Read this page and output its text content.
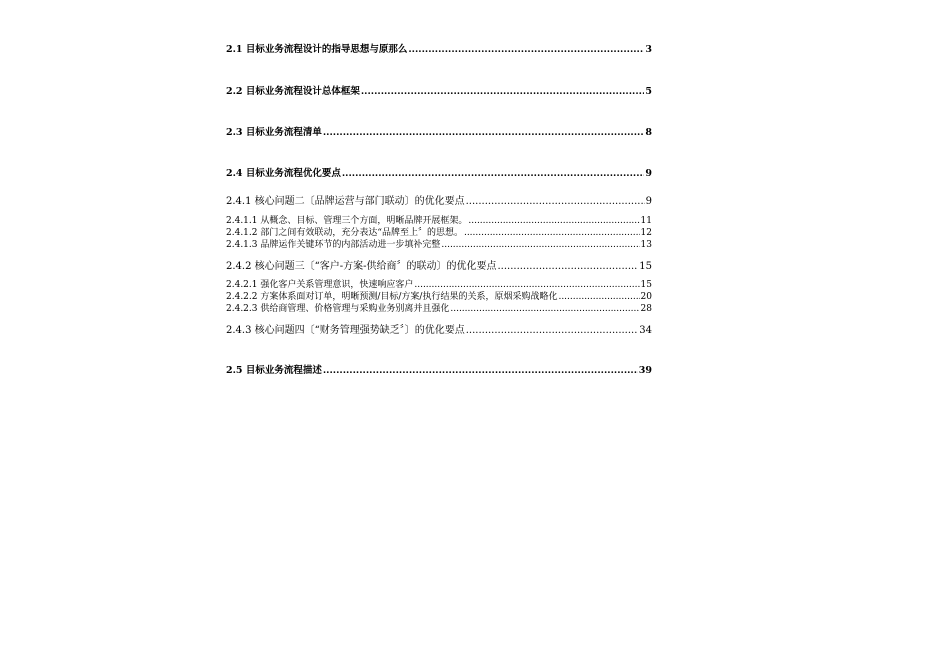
2.1 目标业务流程设计的指导思想与原那么 .....	3
2.2 目标业务流程设计总体框架 .....	5
2.3 目标业务流程清单 .....	8
2.4 目标业务流程优化要点 .....	9
2.4.1 核心问题二〔品牌运营与部门联动〕的优化要点 .....	9
2.4.1.1 从概念、目标、管理三个方面，明晰品牌开展框架。 .....	11
2.4.1.2 部门之间有效联动，充分表达“品牌至上〞的思想。 .....	12
2.4.1.3 品牌运作关键环节的内部活动进一步填补完整 .....	13
2.4.2 核心问题三〔“客户-方案-供给商〞的联动〕的优化要点 .....	15
2.4.2.1 强化客户关系管理意识，快速响应客户 .....	15
2.4.2.2 方案体系面对订单，明晰预测/目标/方案/执行结果的关系，原烟采购战略化 .....	20
2.4.2.3 供给商管理、价格管理与采购业务别离并且强化 .....	28
2.4.3 核心问题四〔“财务管理强势缺乏〞〕的优化要点 .....	34
2.5 目标业务流程描述 .....	39
